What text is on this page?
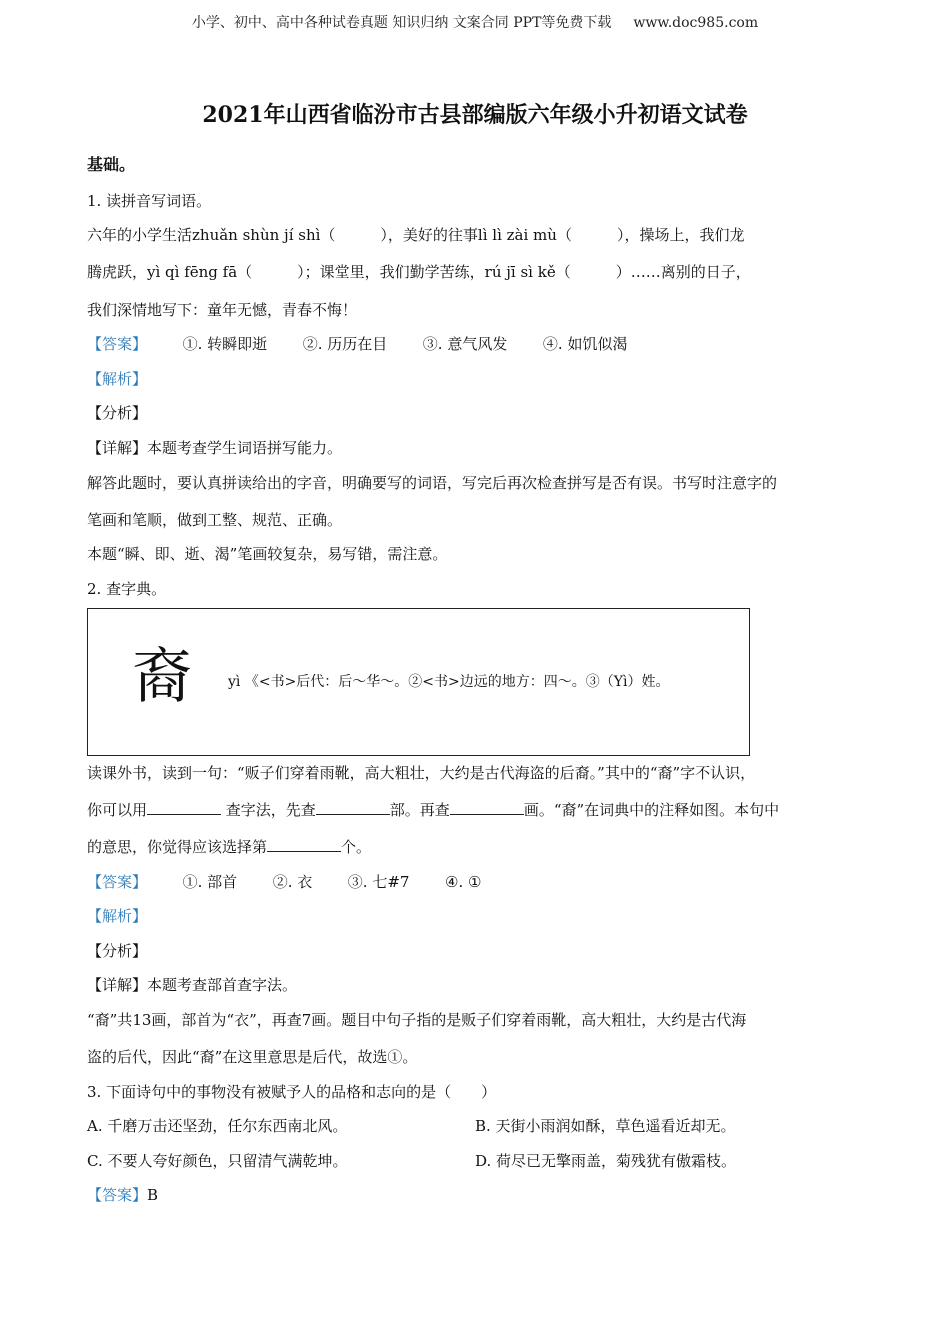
小学、初中、高中各种试卷真题 知识归纳 文案合同 PPT等免费下载 www.doc985.com
2021年山西省临汾市古县部编版六年级小升初语文试卷
基础。
1. 读拼音写词语。
六年的小学生活zhuǎn shùn jí shì（　　　），美好的往事lì lì zài mù（　　　），操场上，我们龙
腾虎跃，yì qì fēng fā（　　　）；课堂里，我们勤学苦练，rú jī sì kě（　　　）……离别的日子，
我们深情地写下：童年无憾，青春不悔！
【答案】 ①. 转瞬即逝 ②. 历历在目 ③. 意气风发 ④. 如饥似渴
【解析】
【分析】
【详解】本题考查学生词语拼写能力。
解答此题时，要认真拼读给出的字音，明确要写的词语，写完后再次检查拼写是否有误。书写时注意字的
笔画和笔顺，做到工整、规范、正确。
本题“瞬、即、逝、渴”笔画较复杂，易写错，需注意。
2. 查字典。
裔	yì 《<书>后代：后～华～。②<书>边远的地方：四～。③（Yì）姓。
读课外书，读到一句：“贩子们穿着雨靴，高大粗壮，大约是古代海盗的后裔。”其中的“裔”字不认识，
你可以用	查字法，先查	部。再查	画。“裔”在词典中的注释如图。本句中
的意思，你觉得应该选择第	个。
【答案】 ①. 部首 ②. 衣 ③. 七#7 ④. ①
【解析】
【分析】
【详解】本题考查部首查字法。
“裔”共13画，部首为“衣”，再查7画。题目中句子指的是贩子们穿着雨靴，高大粗壮，大约是古代海
盗的后代，因此“裔”在这里意思是后代，故选①。
3. 下面诗句中的事物没有被赋予人的品格和志向的是（　　）
A. 千磨万击还坚劲，任尔东西南北风。	B. 天街小雨润如酥，草色遥看近却无。
C. 不要人夸好颜色，只留清气满乾坤。	D. 荷尽已无擎雨盖，菊残犹有傲霜枝。
【答案】B
